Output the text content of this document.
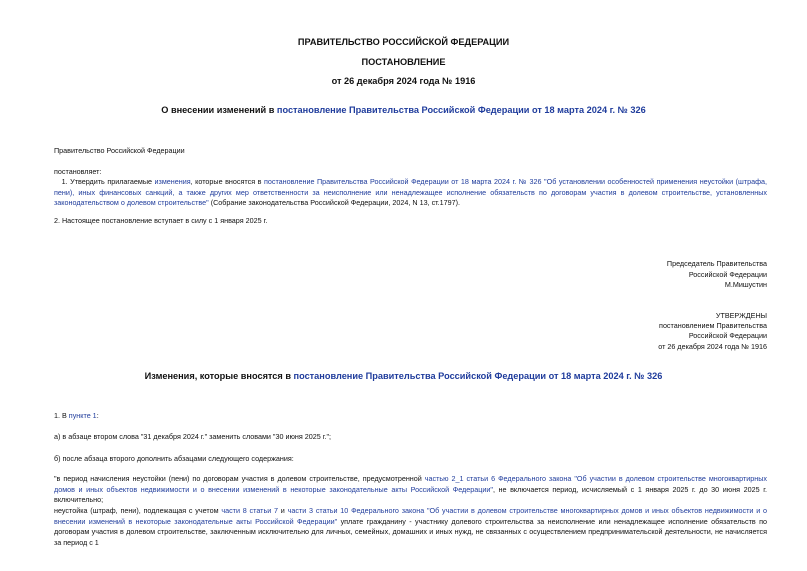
ПРАВИТЕЛЬСТВО РОССИЙСКОЙ ФЕДЕРАЦИИ
ПОСТАНОВЛЕНИЕ
от 26 декабря 2024 года № 1916
О внесении изменений в постановление Правительства Российской Федерации от 18 марта 2024 г. № 326
Правительство Российской Федерации
постановляет:
1. Утвердить прилагаемые изменения, которые вносятся в постановление Правительства Российской Федерации от 18 марта 2024 г. № 326 "Об установлении особенностей применения неустойки (штрафа, пени), иных финансовых санкций, а также других мер ответственности за неисполнение или ненадлежащее исполнение обязательств по договорам участия в долевом строительстве, установленных законодательством о долевом строительстве" (Собрание законодательства Российской Федерации, 2024, N 13, ст.1797).
2. Настоящее постановление вступает в силу с 1 января 2025 г.
Председатель Правительства
Российской Федерации
М.Мишустин
УТВЕРЖДЕНЫ
постановлением Правительства
Российской Федерации
от 26 декабря 2024 года № 1916
Изменения, которые вносятся в постановление Правительства Российской Федерации от 18 марта 2024 г. № 326
1. В пункте 1:
а) в абзаце втором слова "31 декабря 2024 г." заменить словами "30 июня 2025 г.";
б) после абзаца второго дополнить абзацами следующего содержания:
"в период начисления неустойки (пени) по договорам участия в долевом строительстве, предусмотренной частью 2_1 статьи 6 Федерального закона "Об участии в долевом строительстве многоквартирных домов и иных объектов недвижимости и о внесении изменений в некоторые законодательные акты Российской Федерации", не включается период, исчисляемый с 1 января 2025 г. до 30 июня 2025 г. включительно;
неустойка (штраф, пени), подлежащая с учетом части 8 статьи 7 и части 3 статьи 10 Федерального закона "Об участии в долевом строительстве многоквартирных домов и иных объектов недвижимости и о внесении изменений в некоторые законодательные акты Российской Федерации" уплате гражданину - участнику долевого строительства за неисполнение или ненадлежащее исполнение обязательств по договорам участия в долевом строительстве, заключенным исключительно для личных, семейных, домашних и иных нужд, не связанных с осуществлением предпринимательской деятельности, не начисляется за период с 1
